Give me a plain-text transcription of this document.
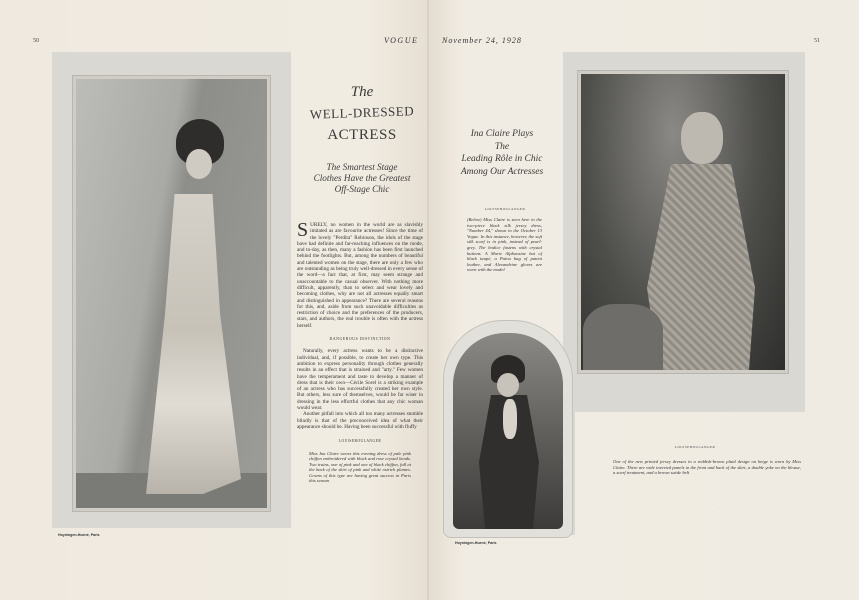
50	VOGUE	November 24, 1928	51
Hoyningen-Huené, Paris
The
WELL-DRESSED
ACTRESS
The Smartest Stage
Clothes Have the Greatest
Off-Stage Chic

SURELY, no women in the world are as slavishly imitated as are favourite actresses! Since the time of the lovely "Perdita" Robinson, the idols of the stage have had definite and far-reaching influences on the mode, and to-day, as then, many a fashion has been first launched behind the footlights. But, among the numbers of beautiful and talented women on the stage, there are only a few who are outstanding as being truly well-dressed in every sense of the word—a fact that, at first, may seem strange and unaccountable to the casual observer. With nothing more difficult, apparently, than to select and wear lovely and becoming clothes, why are not all actresses equally smart and distinguished in appearance? There are several reasons for this, and, aside from such unavoidable difficulties as restriction of choice and the preferences of the producers, stars, and authors, the real trouble is often with the actress herself.

DANGEROUS DISTINCTION

Naturally, every actress wants to be a distinctive individual, and, if possible, to create her own type. This ambition to express personality through clothes generally results in an effect that is strained and "arty." Few women have the temperament and taste to develop a manner of dress that is their own—Cécile Sorel is a striking example of an actress who has successfully created her own style. But others, less sure of themselves, would be far wiser in dressing in the less effortful clothes that any chic woman would wear.

Another pitfall into which all too many actresses stumble blindly is that of the preconceived idea of what their appearance should be. Having been successful with fluffy

LOUISEBOULANGER
Miss Ina Claire wears this evening dress of pale pink chiffon embroidered with black and rose crystal beads. Two trains, one of pink and one of black chiffon, fall at the back of the skirt of pink and white ostrich plumes. Gowns of this type are having great success in Paris this season
Ina Claire Plays
The
Leading Rôle in Chic
Among Our Actresses
LOUISEBOULANGER
(Below) Miss Claire is seen here in the two-piece black silk jersey dress, "Number 44," shown in the October 13 Vogue. In this instance, however, the soft silk scarf is in pink, instead of pearl-grey. The bodice fastens with crystal buttons. A Marie Alphonsine hat of black taupé, a Patou bag of patent leather, and Alexandrine gloves are worn with the model
Hoyningen-Huené, Paris
LOUISEBOULANGER
One of the new printed jersey dresses in a reddish-brown plaid design on beige is worn by Miss Claire. There are wide inverted panels in the front and back of the skirt, a double yoke on the blouse, a scarf treatment, and a brown suède belt
